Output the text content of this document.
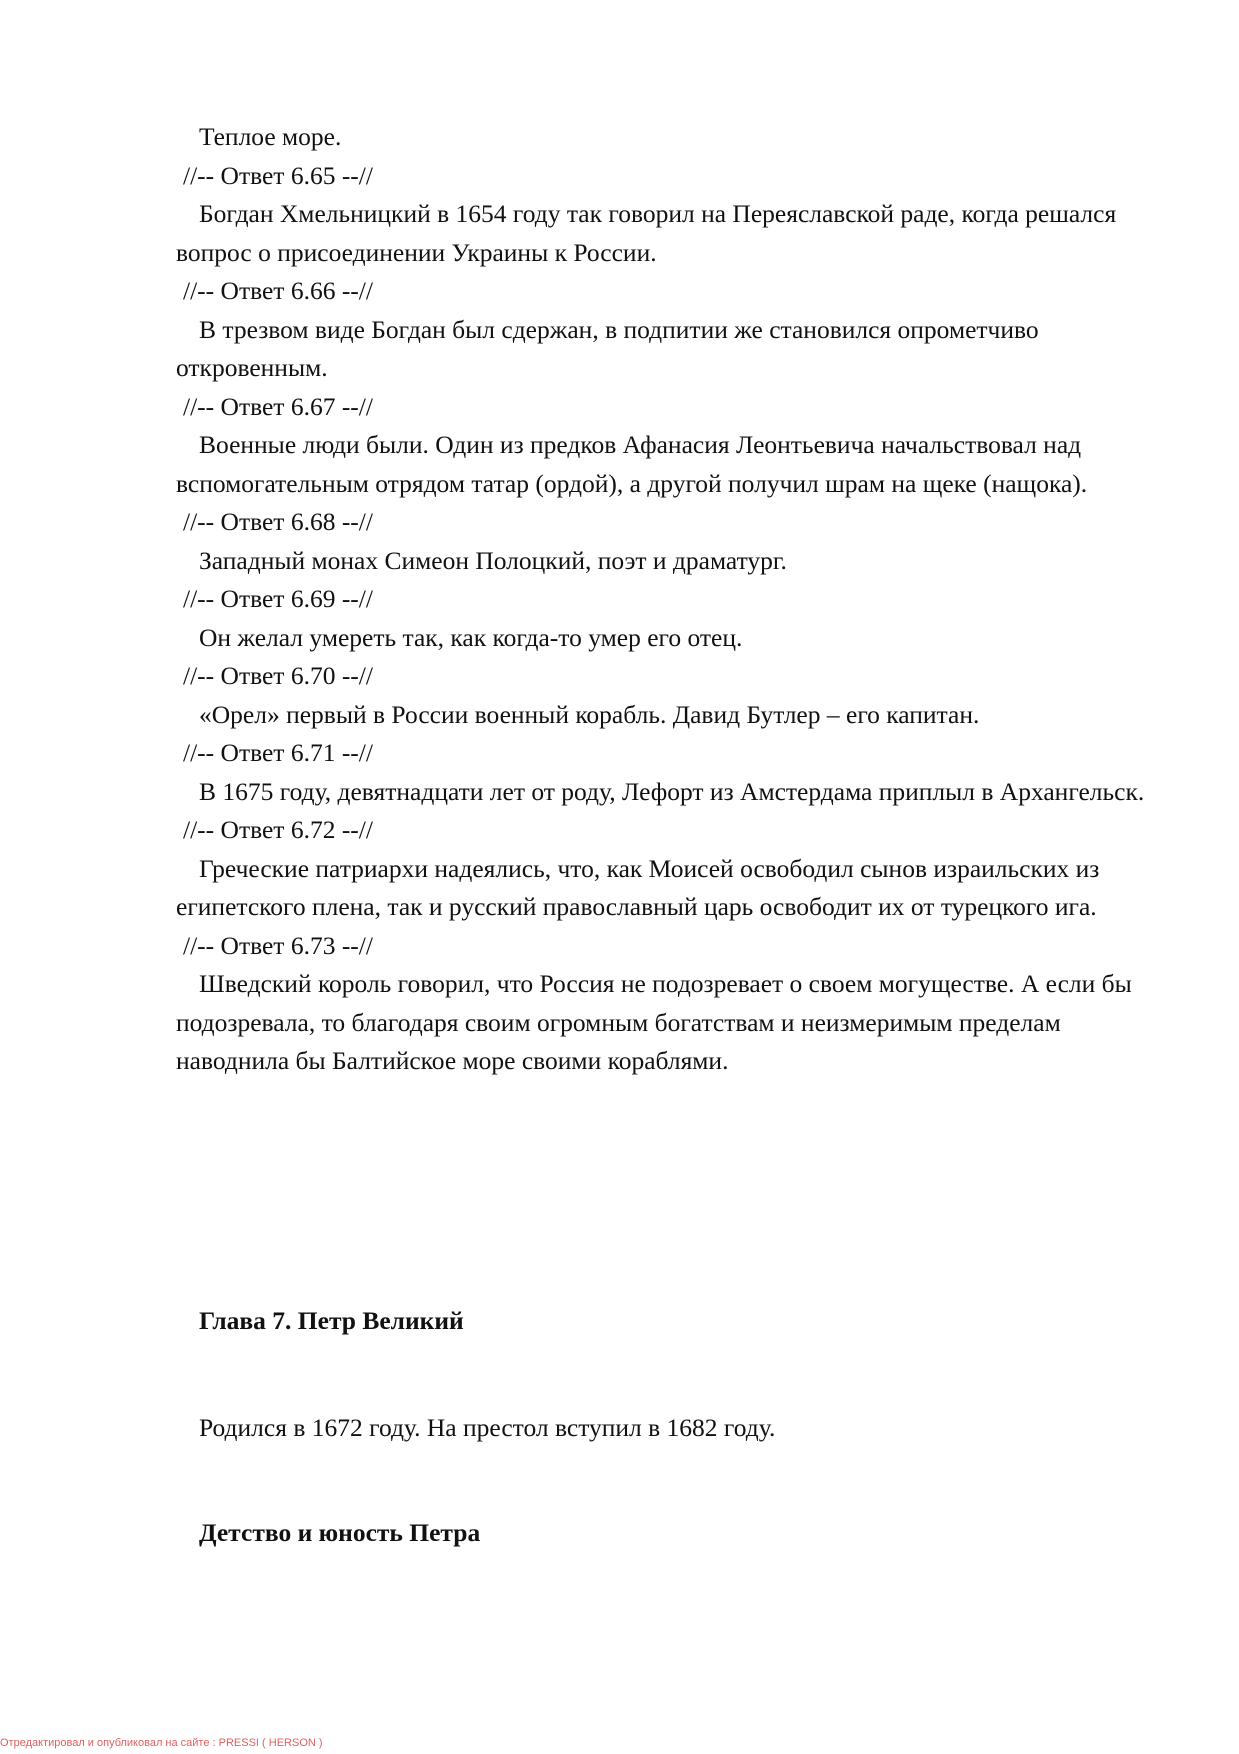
Теплое море.

//-- Ответ 6.65 --//

Богдан Хмельницкий в 1654 году так говорил на Переяславской раде, когда решался вопрос о присоединении Украины к России.

//-- Ответ 6.66 --//

В трезвом виде Богдан был сдержан, в подпитии же становился опрометчиво откровенным.

//-- Ответ 6.67 --//

Военные люди были. Один из предков Афанасия Леонтьевича начальствовал над вспомогательным отрядом татар (ордой), а другой получил шрам на щеке (нащока).

//-- Ответ 6.68 --//

Западный монах Симеон Полоцкий, поэт и драматург.

//-- Ответ 6.69 --//

Он желал умереть так, как когда-то умер его отец.

//-- Ответ 6.70 --//

«Орел» первый в России военный корабль. Давид Бутлер – его капитан.

//-- Ответ 6.71 --//

В 1675 году, девятнадцати лет от роду, Лефорт из Амстердама приплыл в Архангельск.

//-- Ответ 6.72 --//

Греческие патриархи надеялись, что, как Моисей освободил сынов израильских из египетского плена, так и русский православный царь освободит их от турецкого ига.

//-- Ответ 6.73 --//

Шведский король говорил, что Россия не подозревает о своем могуществе. А если бы подозревала, то благодаря своим огромным богатствам и неизмеримым пределам наводнила бы Балтийское море своими кораблями.

Глава 7. Петр Великий

Родился в 1672 году. На престол вступил в 1682 году.

Детство и юность Петра

Отредактировал и опубликовал на сайте : PRESSI ( HERSON )
